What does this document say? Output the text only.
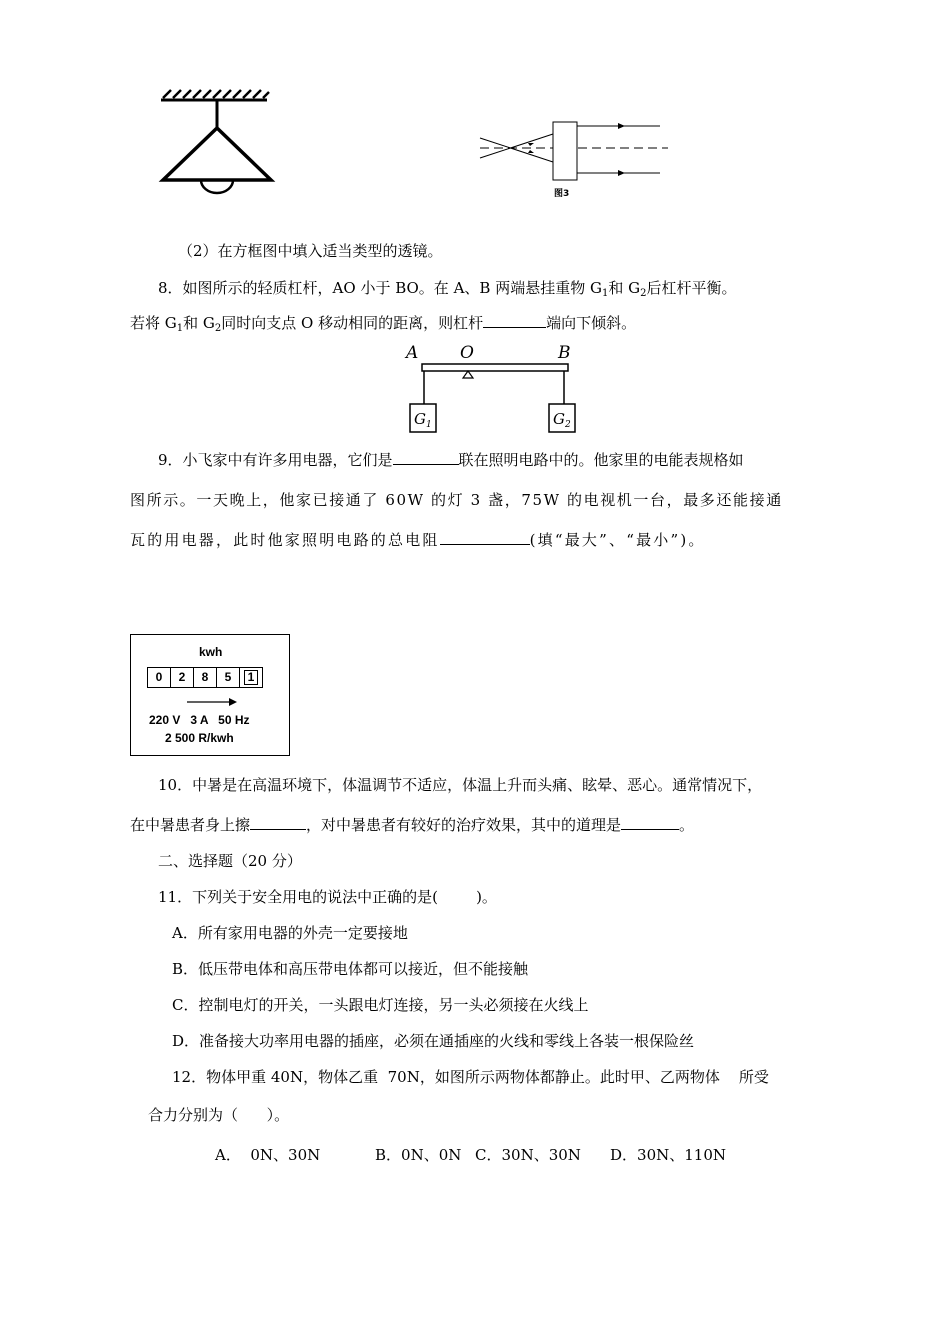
图3
（2）在方框图中填入适当类型的透镜。
8．如图所示的轻质杠杆，AO 小于 BO。在 A、B 两端悬挂重物 $G_1$和 $G_2$后杠杆平衡。
若将 $G_1$和 $G_2$同时向支点 O 移动相同的距离，则杠杆	端向下倾斜。
A O	B
$G_1$	$G_2$
9．小飞家中有许多用电器，它们是	联在照明电路中的。他家里的电能表规格如
图所示。一天晚上，他家已接通了 60W 的灯 3 盏，75W 的电视机一台，最多还能接通
瓦的用电器，此时他家照明电路的总电阻	(填“最大”、“最小”)。
kwh
0	2	8	5	1
220 V   3 A   50 Hz
2 500 R/kwh
10．中暑是在高温环境下，体温调节不适应，体温上升而头痛、眩晕、恶心。通常情况下，
在中暑患者身上擦	，对中暑患者有较好的治疗效果，其中的道理是	。
二、选择题（20 分）
11．下列关于安全用电的说法中正确的是(        )。
A．所有家用电器的外壳一定要接地
B．低压带电体和高压带电体都可以接近，但不能接触
C．控制电灯的开关，一头跟电灯连接，另一头必须接在火线上
D．准备接大功率用电器的插座，必须在通插座的火线和零线上各装一根保险丝
12．物体甲重 40N，物体乙重  70N，如图所示两物体都静止。此时甲、乙两物体    所受
合力分别为（      ）。
A．  0N、30N	B．0N、0N C．30N、30N D．30N、110N
